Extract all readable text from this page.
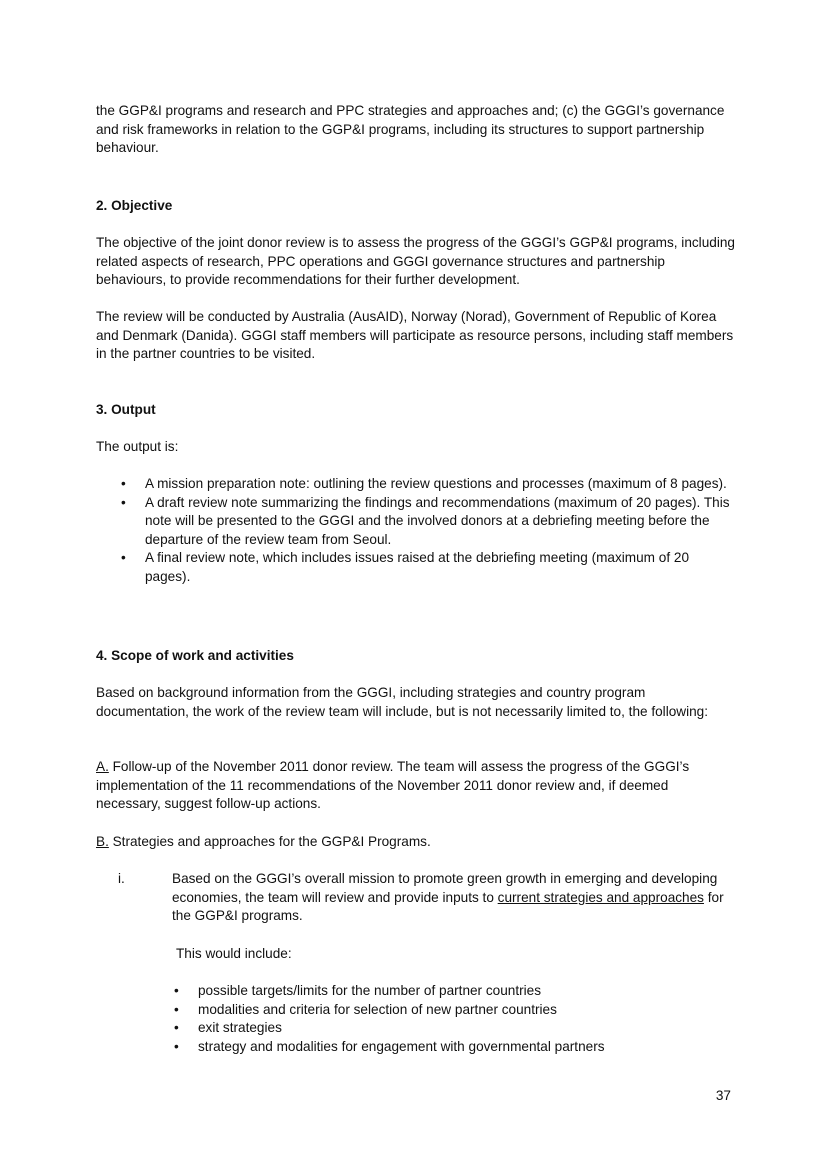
the GGP&I programs and research and PPC strategies and approaches and; (c) the GGGI’s governance and risk frameworks in relation to the GGP&I programs, including its structures to support partnership behaviour.

2. Objective

The objective of the joint donor review is to assess the progress of the GGGI’s GGP&I programs, including related aspects of research, PPC operations and GGGI governance structures and partnership behaviours, to provide recommendations for their further development.

The review will be conducted by Australia (AusAID), Norway (Norad), Government of Republic of Korea and Denmark (Danida). GGGI staff members will participate as resource persons, including staff members in the partner countries to be visited.

3. Output

The output is:

• A mission preparation note: outlining the review questions and processes (maximum of 8 pages).
• A draft review note summarizing the findings and recommendations (maximum of 20 pages). This note will be presented to the GGGI and the involved donors at a debriefing meeting before the departure of the review team from Seoul.
• A final review note, which includes issues raised at the debriefing meeting (maximum of 20 pages).

4. Scope of work and activities

Based on background information from the GGGI, including strategies and country program documentation, the work of the review team will include, but is not necessarily limited to, the following:

A. Follow-up of the November 2011 donor review. The team will assess the progress of the GGGI’s implementation of the 11 recommendations of the November 2011 donor review and, if deemed necessary, suggest follow-up actions.

B. Strategies and approaches for the GGP&I Programs.

i.	Based on the GGGI’s overall mission to promote green growth in emerging and developing economies, the team will review and provide inputs to current strategies and approaches for the GGP&I programs.

This would include:

• possible targets/limits for the number of partner countries
• modalities and criteria for selection of new partner countries
• exit strategies
• strategy and modalities for engagement with governmental partners
37
